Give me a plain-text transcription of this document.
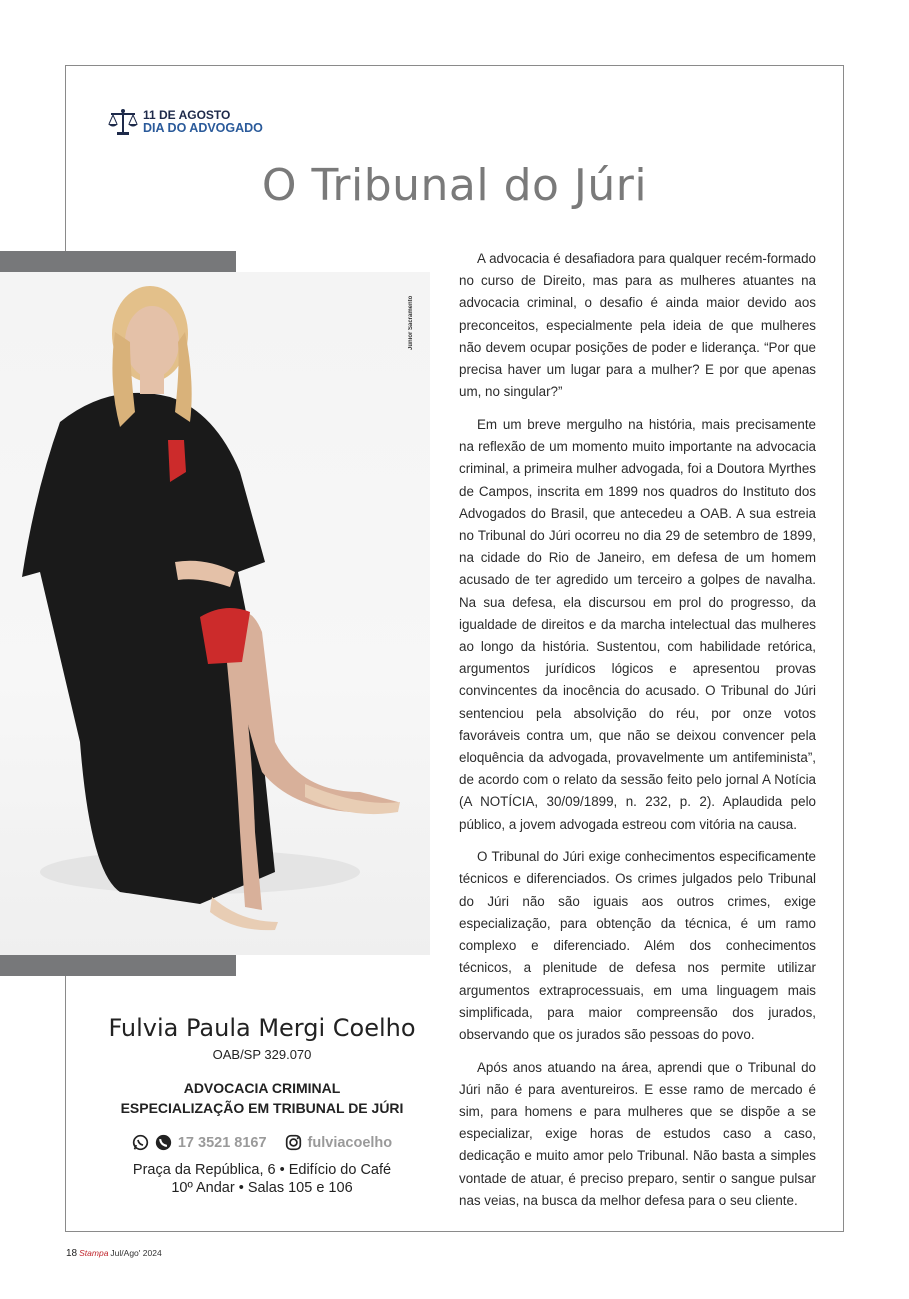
11 DE AGOSTO
DIA DO ADVOGADO
O Tribunal do Júri
Júnior Sacramento

A advocacia é desafiadora para qualquer recém-formado no curso de Direito, mas para as mulheres atuantes na advocacia criminal, o desafio é ainda maior devido aos preconceitos, especialmente pela ideia de que mulheres não devem ocupar posições de poder e liderança. “Por que precisa haver um lugar para a mulher? E por que apenas um, no singular?”

Em um breve mergulho na história, mais precisamente na reflexão de um momento muito importante na advocacia criminal, a primeira mulher advogada, foi a Doutora Myrthes de Campos, inscrita em 1899 nos quadros do Instituto dos Advogados do Brasil, que antecedeu a OAB. A sua estreia no Tribunal do Júri ocorreu no dia 29 de setembro de 1899, na cidade do Rio de Janeiro, em defesa de um homem acusado de ter agredido um terceiro a golpes de navalha. Na sua defesa, ela discursou em prol do progresso, da igualdade de direitos e da marcha intelectual das mulheres ao longo da história. Sustentou, com habilidade retórica, argumentos jurídicos lógicos e apresentou provas convincentes da inocência do acusado. O Tribunal do Júri sentenciou pela absolvição do réu, por onze votos favoráveis contra um, que não se deixou convencer pela eloquência da advogada, provavelmente um antifeminista”, de acordo com o relato da sessão feito pelo jornal A Notícia (A NOTÍCIA, 30/09/1899, n. 232, p. 2). Aplaudida pelo público, a jovem advogada estreou com vitória na causa.

O Tribunal do Júri exige conhecimentos especificamente técnicos e diferenciados. Os crimes julgados pelo Tribunal do Júri não são iguais aos outros crimes, exige especialização, para obtenção da técnica, é um ramo complexo e diferenciado. Além dos conhecimentos técnicos, a plenitude de defesa nos permite utilizar argumentos extraprocessuais, em uma linguagem mais simplificada, para maior compreensão dos jurados, observando que os jurados são pessoas do povo.

Após anos atuando na área, aprendi que o Tribunal do Júri não é para aventureiros. E esse ramo de mercado é sim, para homens e para mulheres que se dispõe a se especializar, exige horas de estudos caso a caso, dedicação e muito amor pelo Tribunal. Não basta a simples vontade de atuar, é preciso preparo, sentir o sangue pulsar nas veias, na busca da melhor defesa para o seu cliente.

Fulvia Paula Mergi Coelho
OAB/SP 329.070
ADVOCACIA CRIMINAL
ESPECIALIZAÇÃO EM TRIBUNAL DE JÚRI
17 3521 8167	fulviacoelho
Praça da República, 6 • Edifício do Café
10º Andar • Salas 105 e 106
18 Stampa Jul/Ago' 2024
